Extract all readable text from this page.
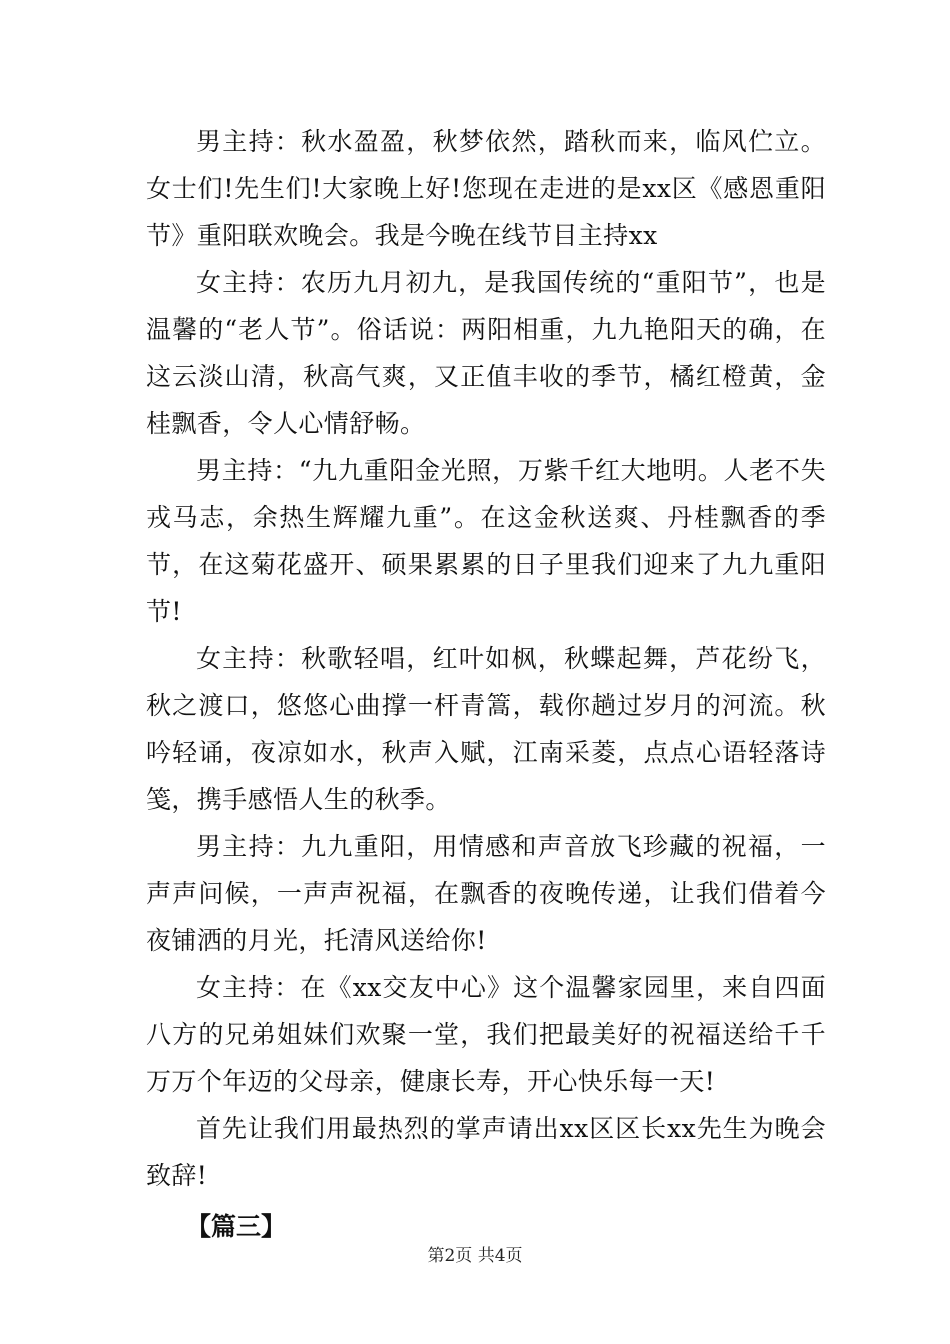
男主持：秋水盈盈，秋梦依然，踏秋而来，临风伫立。女士们!先生们!大家晚上好!您现在走进的是xx区《感恩重阳节》重阳联欢晚会。我是今晚在线节目主持xx

女主持：农历九月初九，是我国传统的“重阳节”，也是温馨的“老人节”。俗话说：两阳相重，九九艳阳天的确，在这云淡山清，秋高气爽，又正值丰收的季节，橘红橙黄，金桂飘香，令人心情舒畅。

男主持：“九九重阳金光照，万紫千红大地明。人老不失戎马志，余热生辉耀九重”。在这金秋送爽、丹桂飘香的季节，在这菊花盛开、硕果累累的日子里我们迎来了九九重阳节!

女主持：秋歌轻唱，红叶如枫，秋蝶起舞，芦花纷飞，秋之渡口，悠悠心曲撑一杆青篙，载你趟过岁月的河流。秋吟轻诵，夜凉如水，秋声入赋，江南采菱，点点心语轻落诗笺，携手感悟人生的秋季。

男主持：九九重阳，用情感和声音放飞珍藏的祝福，一声声问候，一声声祝福，在飘香的夜晚传递，让我们借着今夜铺洒的月光，托清风送给你!

女主持：在《xx交友中心》这个温馨家园里，来自四面八方的兄弟姐妹们欢聚一堂，我们把最美好的祝福送给千千万万个年迈的父母亲，健康长寿，开心快乐每一天!

首先让我们用最热烈的掌声请出xx区区长xx先生为晚会致辞!

【篇三】

第2页 共4页
